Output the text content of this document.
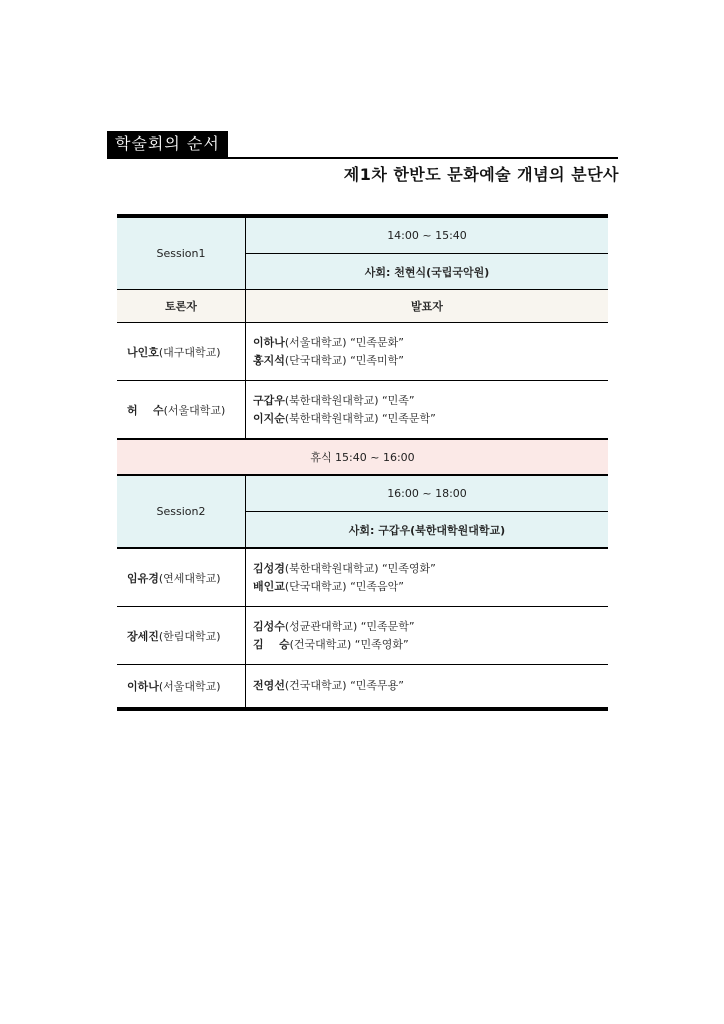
학술회의 순서
제1차 한반도 문화예술 개념의 분단사
Session1	14:00 ~ 15:40
	사회: 천현식(국립국악원)
토론자	발표자
나인호(대구대학교)	이하나(서울대학교) “민족문화”
홍지석(단국대학교) “민족미학”

허    수(서울대학교)	구갑우(북한대학원대학교) “민족”
이지순(북한대학원대학교) “민족문학”

휴식 15:40 ~ 16:00	
Session2	16:00 ~ 18:00
	사회: 구갑우(북한대학원대학교)
임유경(연세대학교)	김성경(북한대학원대학교) “민족영화”
배인교(단국대학교) “민족음악”

장세진(한림대학교)	김성수(성균관대학교) “민족문학”
김    승(건국대학교) “민족영화”

이하나(서울대학교)	전영선(건국대학교) “민족무용”
